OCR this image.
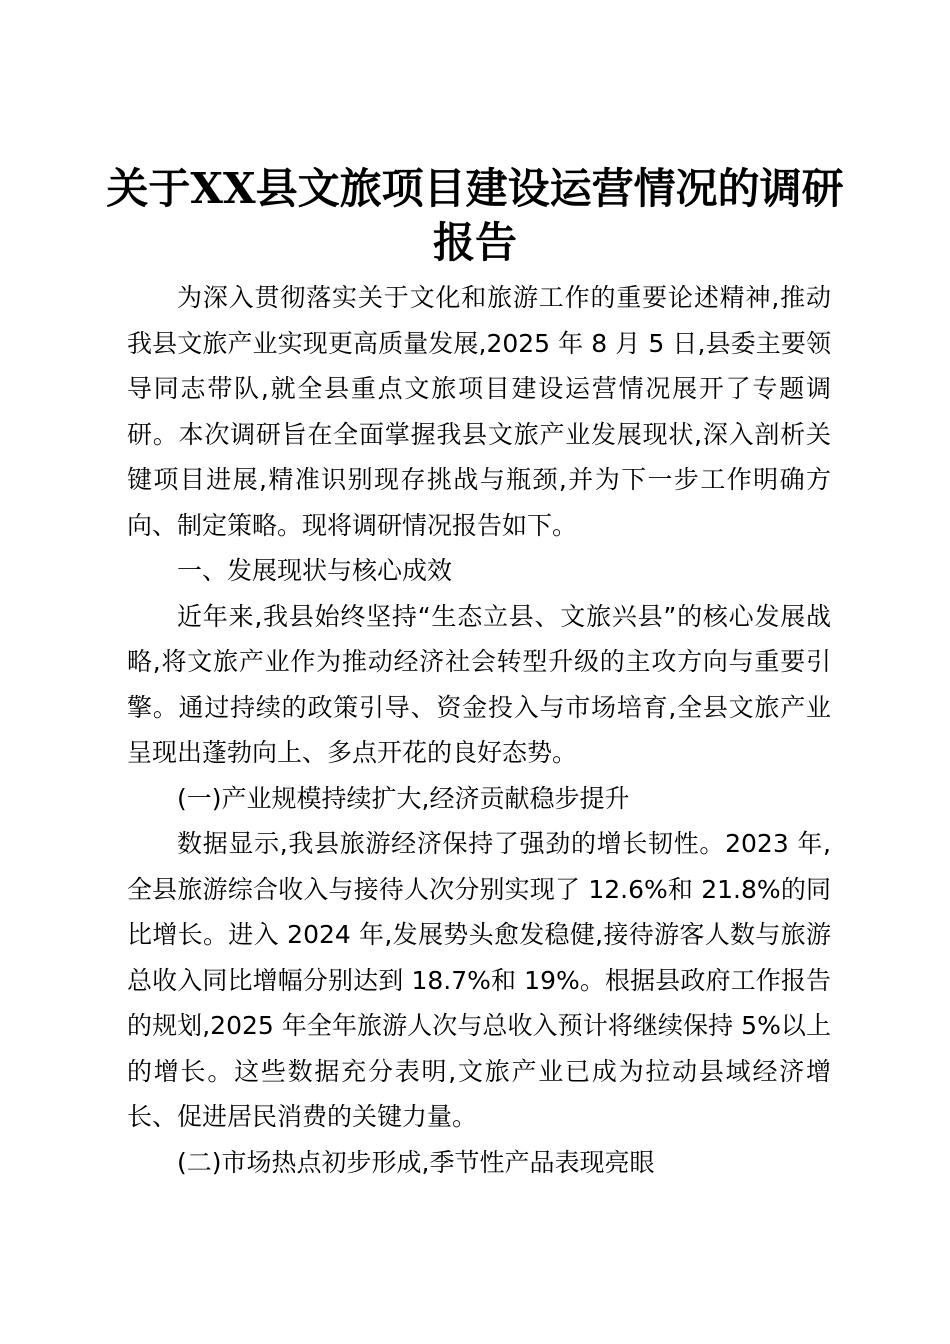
关于XX县文旅项目建设运营情况的调研报告

为深入贯彻落实关于文化和旅游工作的重要论述精神,推动我县文旅产业实现更高质量发展,2025 年 8 月 5 日,县委主要领导同志带队,就全县重点文旅项目建设运营情况展开了专题调研。本次调研旨在全面掌握我县文旅产业发展现状,深入剖析关键项目进展,精准识别现存挑战与瓶颈,并为下一步工作明确方向、制定策略。现将调研情况报告如下。

一、发展现状与核心成效

近年来,我县始终坚持“生态立县、文旅兴县”的核心发展战略,将文旅产业作为推动经济社会转型升级的主攻方向与重要引擎。通过持续的政策引导、资金投入与市场培育,全县文旅产业呈现出蓬勃向上、多点开花的良好态势。

(一)产业规模持续扩大,经济贡献稳步提升

数据显示,我县旅游经济保持了强劲的增长韧性。2023 年,全县旅游综合收入与接待人次分别实现了 12.6%和 21.8%的同比增长。进入 2024 年,发展势头愈发稳健,接待游客人数与旅游总收入同比增幅分别达到 18.7%和 19%。根据县政府工作报告的规划,2025 年全年旅游人次与总收入预计将继续保持 5%以上的增长。这些数据充分表明,文旅产业已成为拉动县域经济增长、促进居民消费的关键力量。

(二)市场热点初步形成,季节性产品表现亮眼
